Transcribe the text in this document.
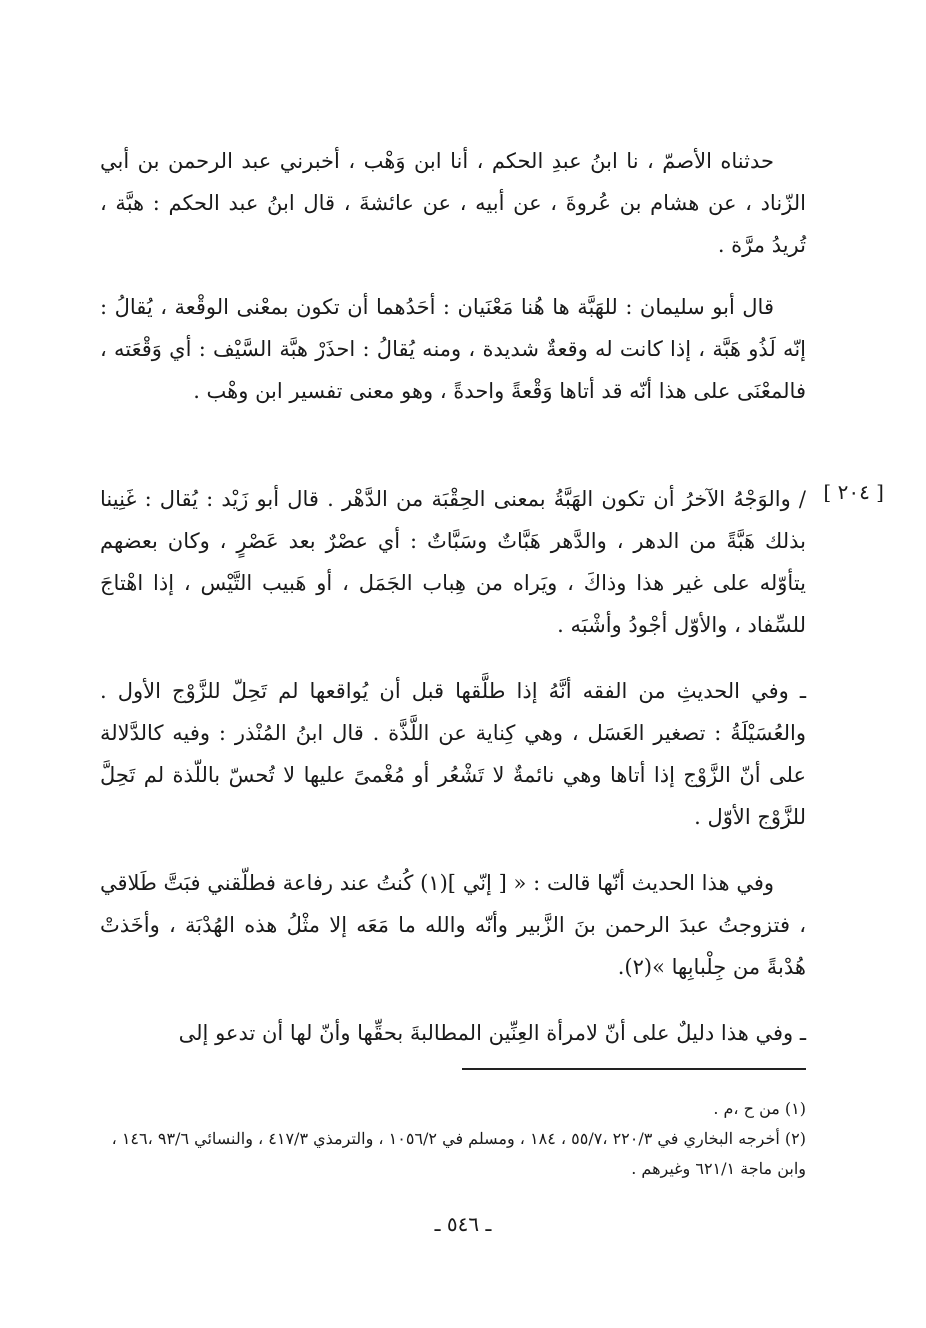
[ ٢٠٤ ]

حدثناه الأصمّ ، نا ابنُ عبدِ الحكم ، أنا ابن وَهْب ، أخبرني عبد الرحمن بن أبي الزّناد ، عن هشام بن عُروةَ ، عن أبيه ، عن عائشةَ ، قال ابنُ عبد الحكم : هبَّة ، تُريدُ مرَّة .

قال أبو سليمان : للهَبَّة ها هُنا مَعْنَيان : أحَدُهما أن تكون بمعْنى الوقْعة ، يُقالُ : إنّه لَذُو هَبَّة ، إذا كانت له وقعةٌ شديدة ، ومنه يُقالُ : احذَرْ هبَّة السَّيْف : أي وَقْعَته ، فالمعْنَى على هذا أنّه قد أتاها وَقْعةً واحدةً ، وهو معنى تفسير ابن وهْب .

/ والوَجْهُ الآخرُ أن تكون الهَبَّةُ بمعنى الحِقْبَة من الدَّهْر . قال أبو زَيْد : يُقال : غَنِينا بذلك هَبَّةً من الدهر ، والدَّهر هَبَّاتٌ وسَبَّاتٌ : أي عصْرٌ بعد عَصْرٍ ، وكان بعضهم يتأوّله على غير هذا وذاكَ ، ويَراه من هِباب الجَمَل ، أو هَبيب التَّيْس ، إذا اهْتاجَ للسِّفاد ، والأوّل أجْودُ وأشْبَه .

ـ وفي الحديثِ من الفقه أنَّهُ إذا طلَّقها قبل أن يُواقعها لم تَحِلّ للزَّوْج الأول . والعُسَيْلَةُ : تصغير العَسَل ، وهي كِناية عن اللَّذَّة . قال ابنُ المُنْذر : وفيه كالدَّلالة على أنّ الزَّوْج إذا أتاها وهي نائمةٌ لا تَشْعُر أو مُغْمىً عليها لا تُحسّ باللّذة لم تَحِلَّ للزَّوْج الأوّل .

وفي هذا الحديث أنّها قالت : « [ إنّي ](١) كُنتُ عند رفاعة فطلّقني فبَتَّ طَلاقي ، فتزوجتُ عبدَ الرحمن بنَ الزَّبير وأنّه والله ما مَعَه إلا مثْلُ هذه الهُدْبَة ، وأخَذتْ هُدْبةً من جِلْبابِها »(٢).

ـ وفي هذا دليلٌ على أنّ لامرأة العِنِّين المطالبةَ بحقِّها وأنّ لها أن تدعو إلى

(١) من ح ،م .

(٢) أخرجه البخاري في ٢٢٠/٣ ،٥٥/٧ ، ١٨٤ ، ومسلم في ١٠٥٦/٢ ، والترمذي ٤١٧/٣ ، والنسائي ٩٣/٦ ،١٤٦ ، وابن ماجة ٦٢١/١ وغيرهم .

ـ ٥٤٦ ـ
